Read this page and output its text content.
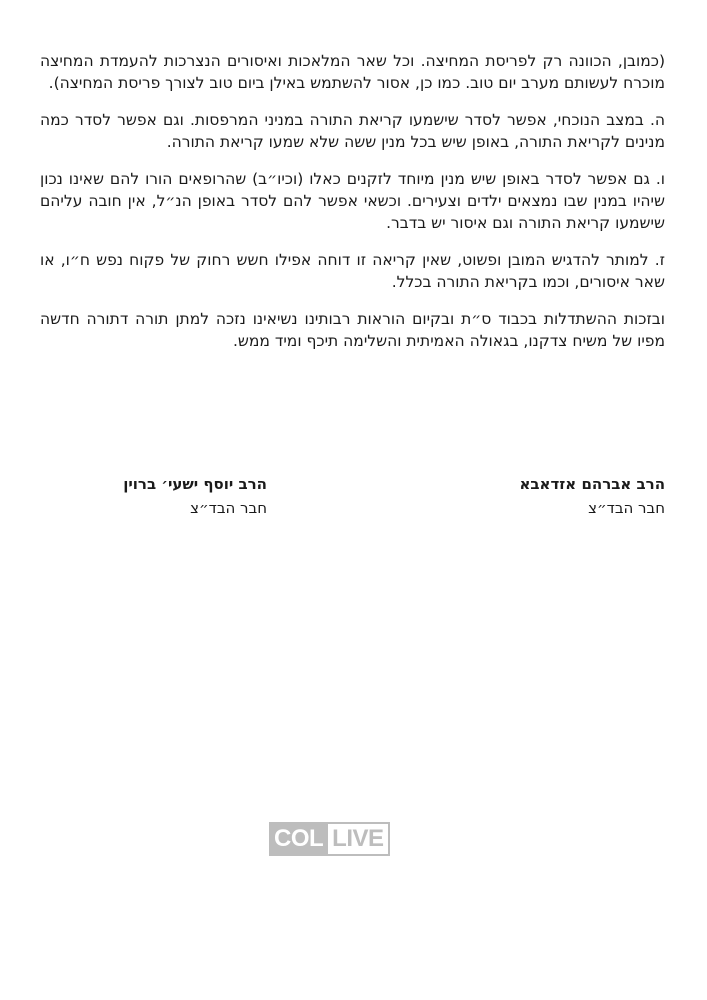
(כמובן, הכוונה רק לפריסת המחיצה. וכל שאר המלאכות ואיסורים הנצרכות להעמדת המחיצה מוכרח לעשותם מערב יום טוב. כמו כן, אסור להשתמש באילן ביום טוב לצורך פריסת המחיצה).

ה. במצב הנוכחי, אפשר לסדר שישמעו קריאת התורה במניני המרפסות. וגם אפשר לסדר כמה מנינים לקריאת התורה, באופן שיש בכל מנין ששה שלא שמעו קריאת התורה.

ו. גם אפשר לסדר באופן שיש מנין מיוחד לזקנים כאלו (וכיו״ב) שהרופאים הורו להם שאינו נכון שיהיו במנין שבו נמצאים ילדים וצעירים. וכשאי אפשר להם לסדר באופן הנ״ל, אין חובה עליהם שישמעו קריאת התורה וגם איסור יש בדבר.

ז. למותר להדגיש המובן ופשוט, שאין קריאה זו דוחה אפילו חשש רחוק של פקוח נפש ח״ו, או שאר איסורים, וכמו בקריאת התורה בכלל.

ובזכות ההשתדלות בכבוד ס״ת ובקיום הוראות רבותינו נשיאינו נזכה למתן תורה דתורה חדשה מפיו של משיח צדקנו, בגאולה האמיתית והשלימה תיכף ומיד ממש.

הרב אברהם אזדאבא
חבר הבד״צ
הרב יוסף ישעי׳ ברוין
חבר הבד״צ
COL LIVE
